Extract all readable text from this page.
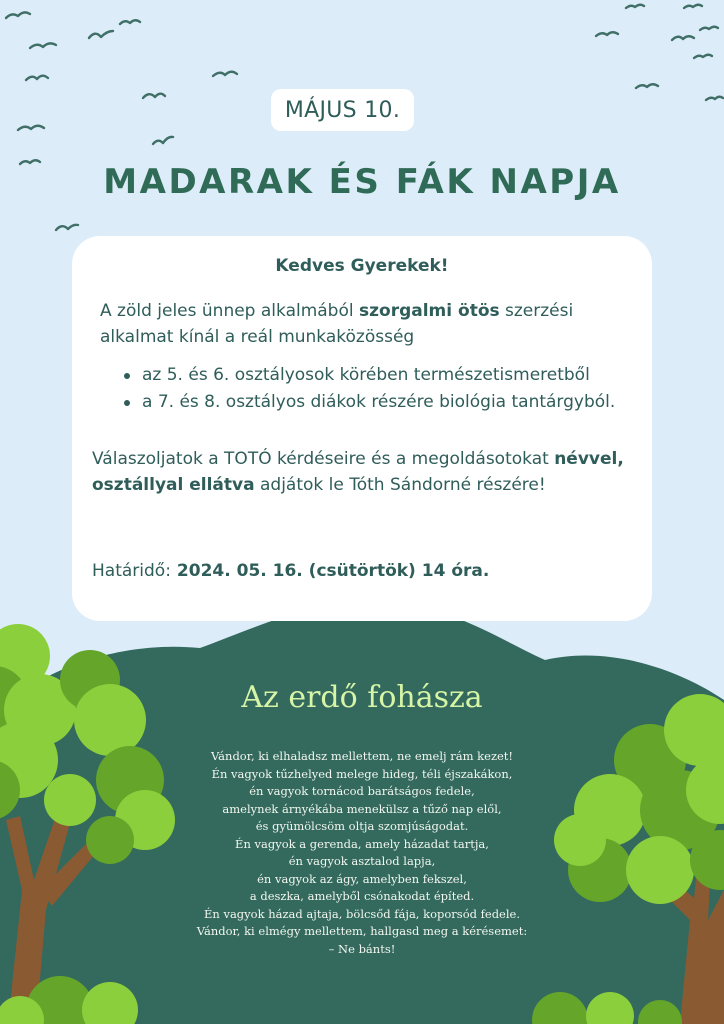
MÁJUS 10.
MADARAK ÉS FÁK NAPJA
Kedves Gyerekek!
A zöld jeles ünnep alkalmából szorgalmi ötös szerzési alkalmat kínál a reál munkaközösség
az 5. és 6. osztályosok körében természetismeretből
a 7. és 8. osztályos diákok részére biológia tantárgyból.
Válaszoljatok a TOTÓ kérdéseire és a megoldásotokat névvel, osztállyal ellátva adjátok le Tóth Sándorné részére!
Határidő: 2024. 05. 16. (csütörtök) 14 óra.
Az erdő fohásza
Vándor, ki elhaladsz mellettem, ne emelj rám kezet!
Én vagyok tűzhelyed melege hideg, téli éjszakákon,
én vagyok tornácod barátságos fedele,
amelynek árnyékába menekülsz a tűző nap elől,
és gyümölcsöm oltja szomjúságodat.
Én vagyok a gerenda, amely házadat tartja,
én vagyok asztalod lapja,
én vagyok az ágy, amelyben fekszel,
a deszka, amelyből csónakodat építed.
Én vagyok házad ajtaja, bölcsőd fája, koporsód fedele.
Vándor, ki elmégy mellettem, hallgasd meg a kérésemet:
– Ne bánts!
